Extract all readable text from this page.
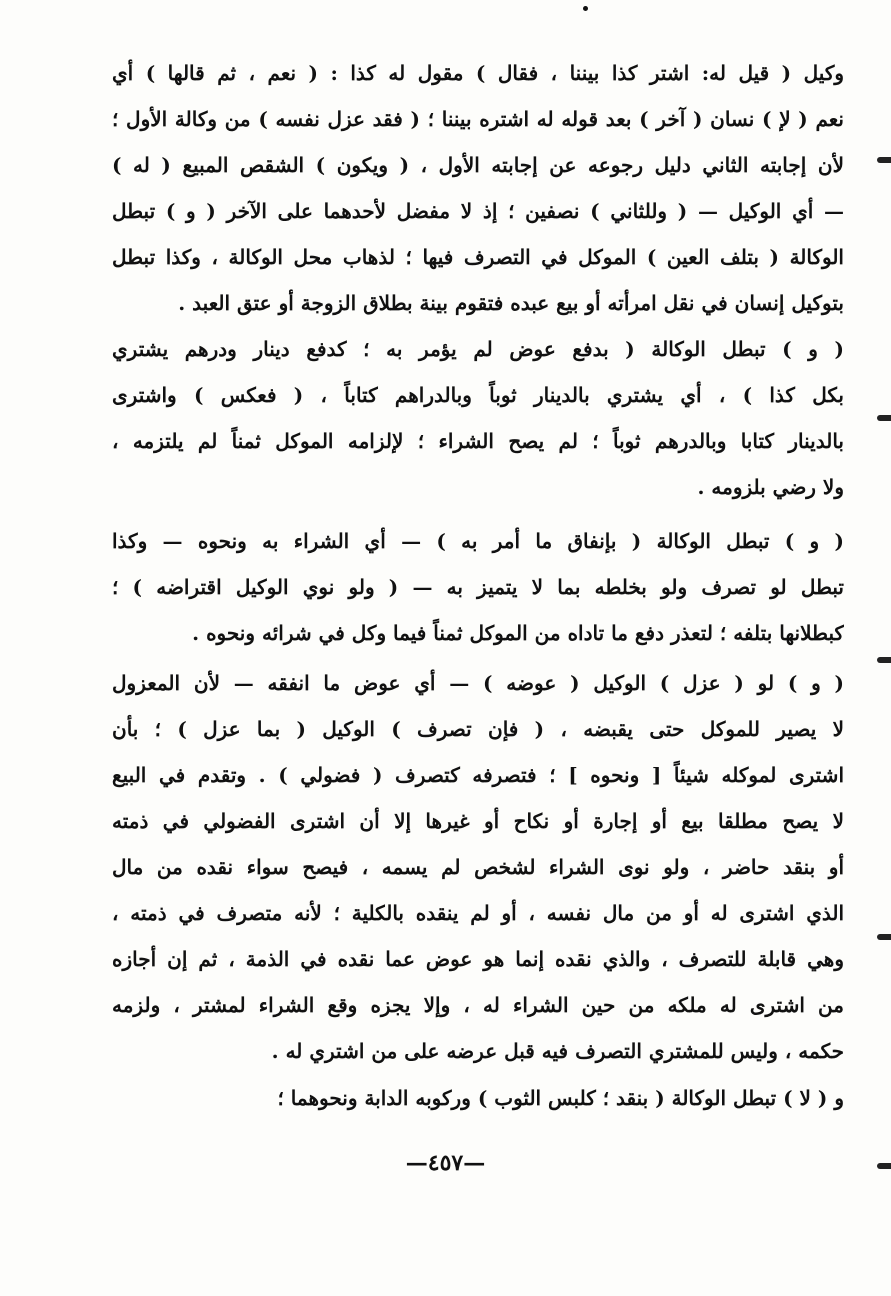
وكيل ( قيل له: اشتر كذا بيننا ، فقال ) مقول له كذا : ( نعم ، ثم قالها ) أي
نعم ( لإ ) نسان ( آخر ) بعد قوله له اشتره بيننا ؛ ( فقد عزل نفسه ) من وكالة الأول ؛
لأن إجابته الثاني دليل رجوعه عن إجابته الأول ، ( ويكون ) الشقص المبيع ( له )
— أي الوكيل — ( وللثاني ) نصفين ؛ إذ لا مفضل لأحدهما على الآخر ( و ) تبطل
الوكالة ( بتلف العين ) الموكل في التصرف فيها ؛ لذهاب محل الوكالة ، وكذا تبطل
بتوكيل إنسان في نقل امرأته أو بيع عبده فتقوم بينة بطلاق الزوجة أو عتق العبد .
( و ) تبطل الوكالة ( بدفع عوض لم يؤمر به ؛ كدفع دينار ودرهم يشتري
بكل كذا ) ، أي يشتري بالدينار ثوباً وبالدراهم كتاباً ، ( فعكس ) واشترى
بالدينار كتابا وبالدرهم ثوباً ؛ لم يصح الشراء ؛ لإلزامه الموكل ثمناً لم يلتزمه ،
ولا رضي بلزومه .
( و ) تبطل الوكالة ( بإنفاق ما أمر به ) — أي الشراء به ونحوه — وكذا
تبطل لو تصرف ولو بخلطه بما لا يتميز به — ( ولو نوي الوكيل اقتراضه ) ؛
كبطلانها بتلفه ؛ لتعذر دفع ما تاداه من الموكل ثمناً فيما وكل في شرائه ونحوه .
( و ) لو ( عزل ) الوكيل ( عوضه ) — أي عوض ما انفقه — لأن المعزول
لا يصير للموكل حتى يقبضه ، ( فإن تصرف ) الوكيل ( بما عزل ) ؛ بأن
اشترى لموكله شيئاً [ ونحوه ] ؛ فتصرفه كتصرف ( فضولي ) . وتقدم في البيع
لا يصح مطلقا بيع أو إجارة أو نكاح أو غيرها إلا أن اشترى الفضولي في ذمته
أو بنقد حاضر ، ولو نوى الشراء لشخص لم يسمه ، فيصح سواء نقده من مال
الذي اشترى له أو من مال نفسه ، أو لم ينقده بالكلية ؛ لأنه متصرف في ذمته ،
وهي قابلة للتصرف ، والذي نقده إنما هو عوض عما نقده في الذمة ، ثم إن أجازه
من اشترى له ملكه من حين الشراء له ، وإلا يجزه وقع الشراء لمشتر ، ولزمه
حكمه ، وليس للمشتري التصرف فيه قبل عرضه على من اشتري له .
و ( لا ) تبطل الوكالة ( بنقد ؛ كلبس الثوب ) وركوبه الدابة ونحوهما ؛
—٤٥٧—
